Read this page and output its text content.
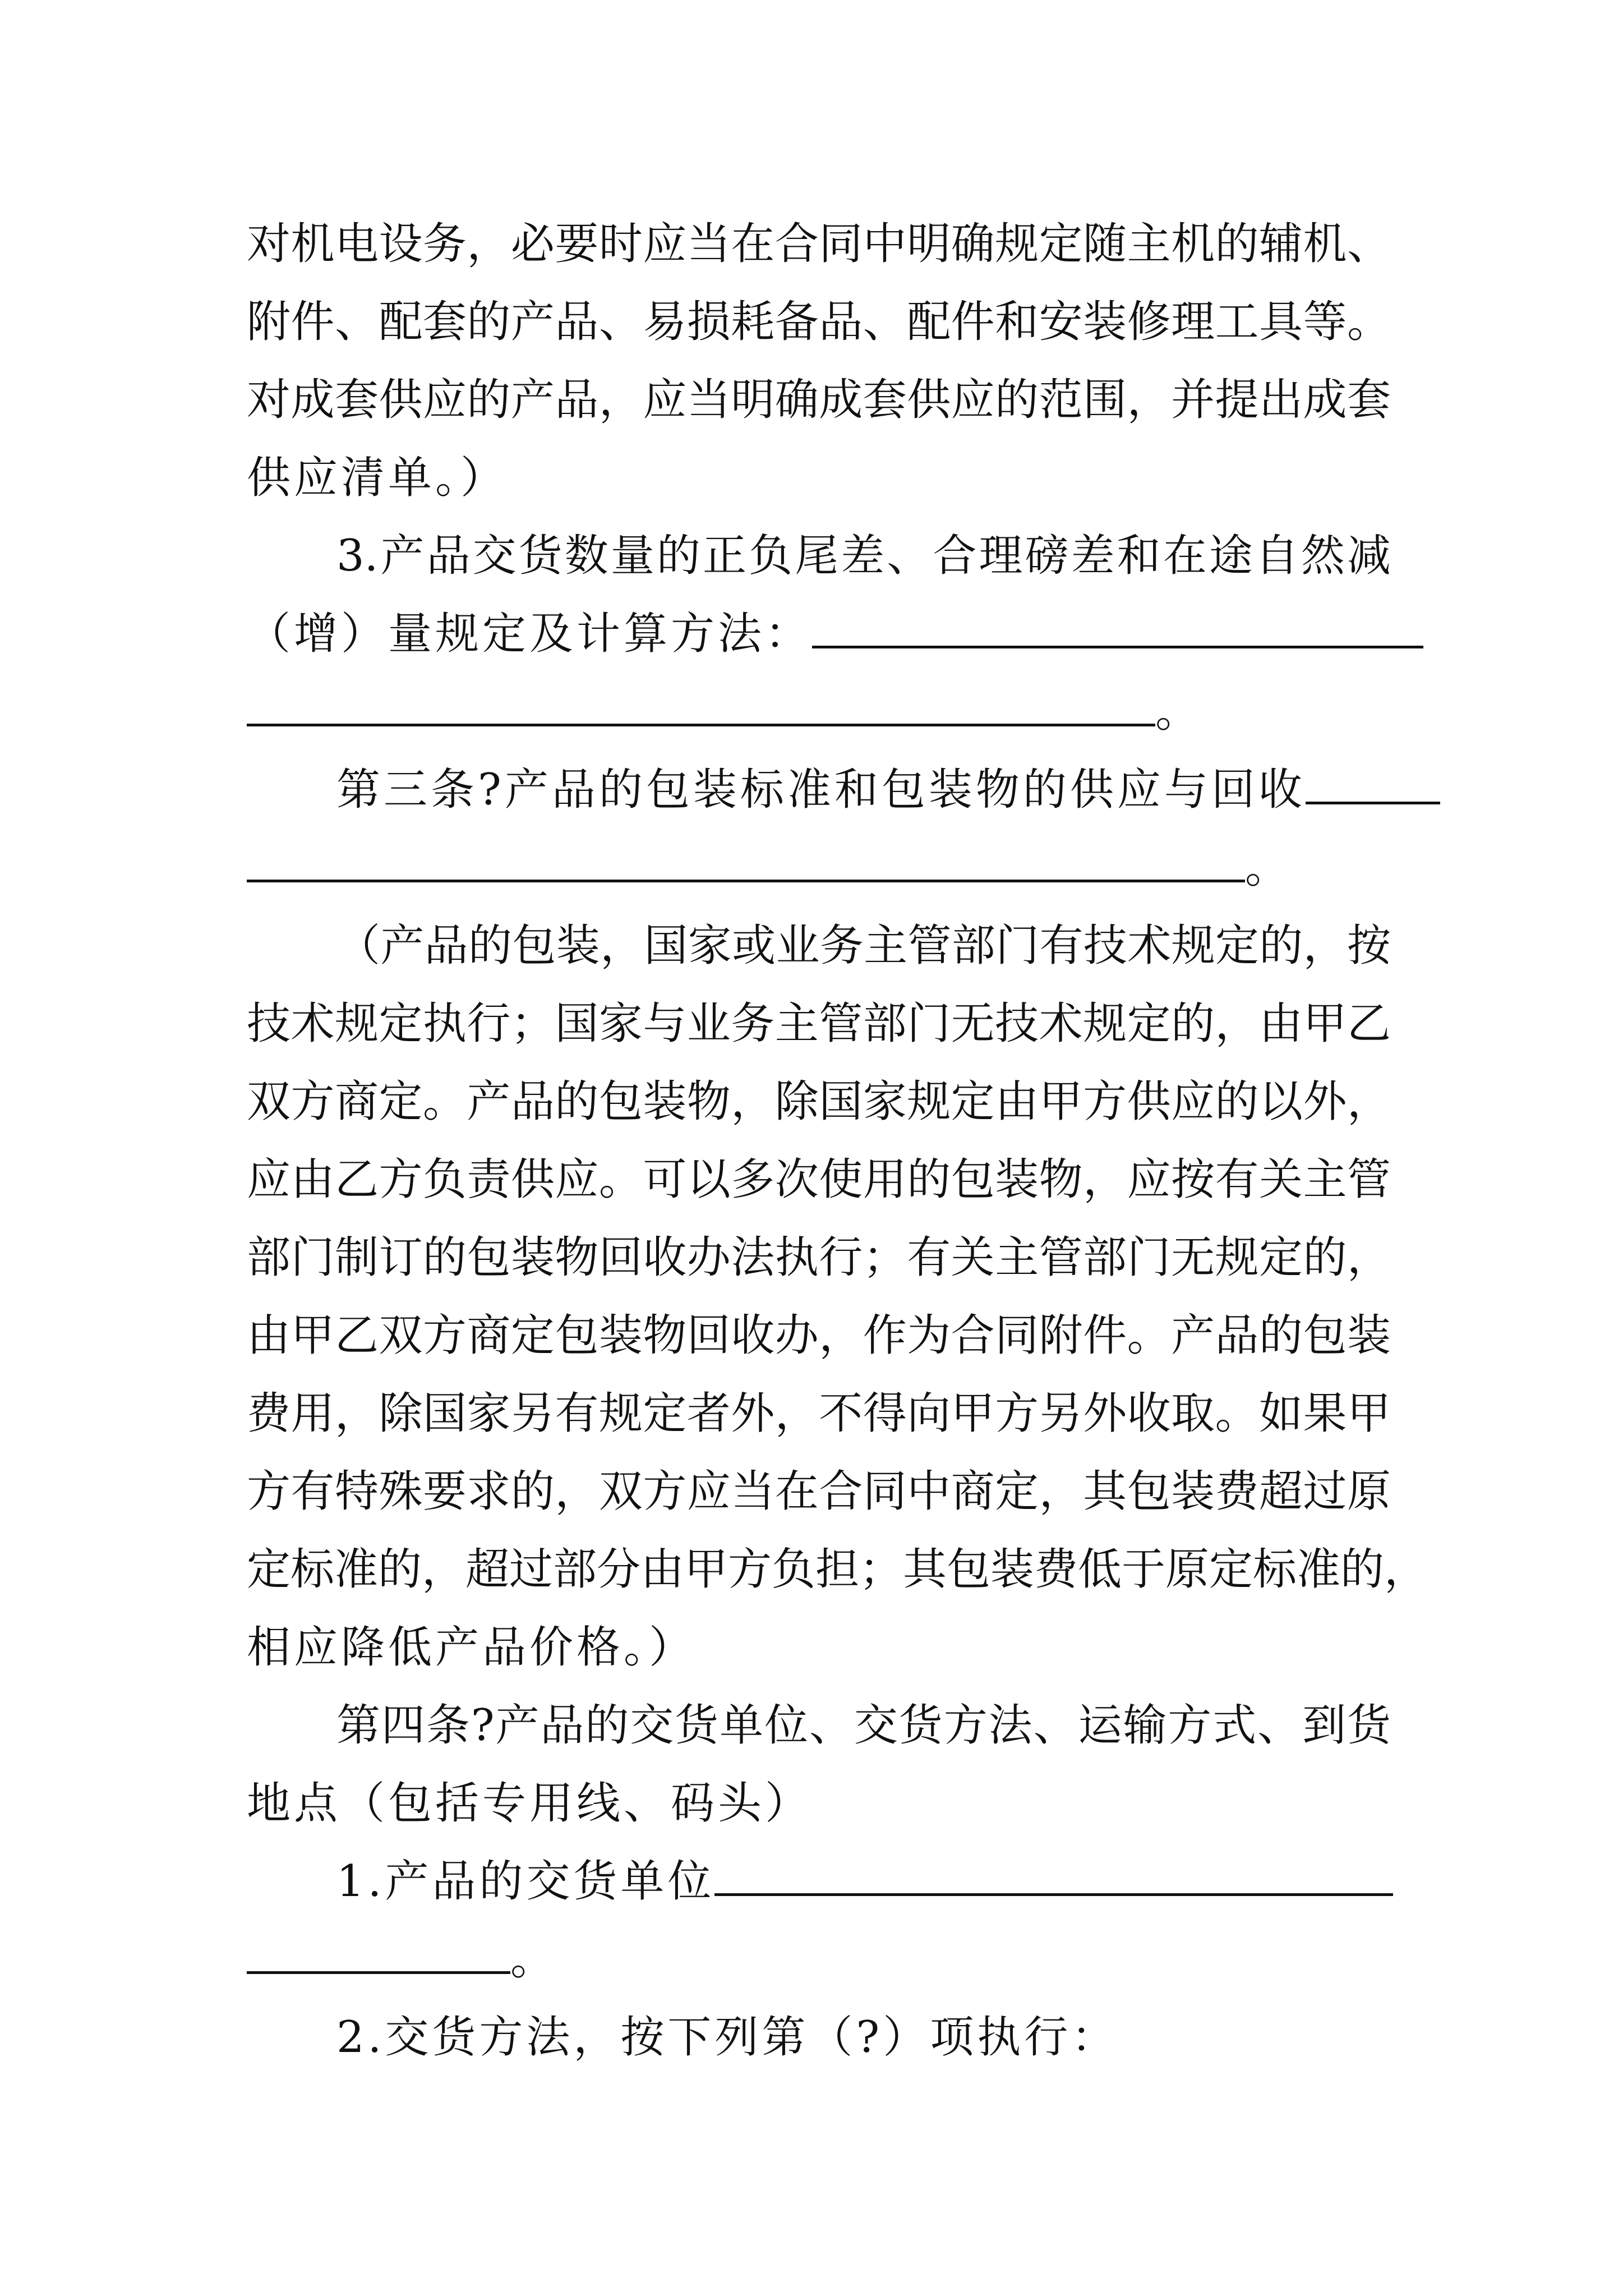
对机电设务，必要时应当在合同中明确规定随主机的辅机、
附件、配套的产品、易损耗备品、配件和安装修理工具等。
对成套供应的产品，应当明确成套供应的范围，并提出成套
供应清单。）
3.产品交货数量的正负尾差、合理磅差和在途自然减
（增）量规定及计算方法：
。
第三条?产品的包装标准和包装物的供应与回收
。
（产品的包装，国家或业务主管部门有技术规定的，按
技术规定执行；国家与业务主管部门无技术规定的，由甲乙
双方商定。产品的包装物，除国家规定由甲方供应的以外，
应由乙方负责供应。可以多次使用的包装物，应按有关主管
部门制订的包装物回收办法执行；有关主管部门无规定的，
由甲乙双方商定包装物回收办，作为合同附件。产品的包装
费用，除国家另有规定者外，不得向甲方另外收取。如果甲
方有特殊要求的，双方应当在合同中商定，其包装费超过原
定标准的，超过部分由甲方负担；其包装费低于原定标准的，
相应降低产品价格。）
第四条?产品的交货单位、交货方法、运输方式、到货
地点（包括专用线、码头）
1.产品的交货单位
。
2.交货方法，按下列第（?）项执行：
